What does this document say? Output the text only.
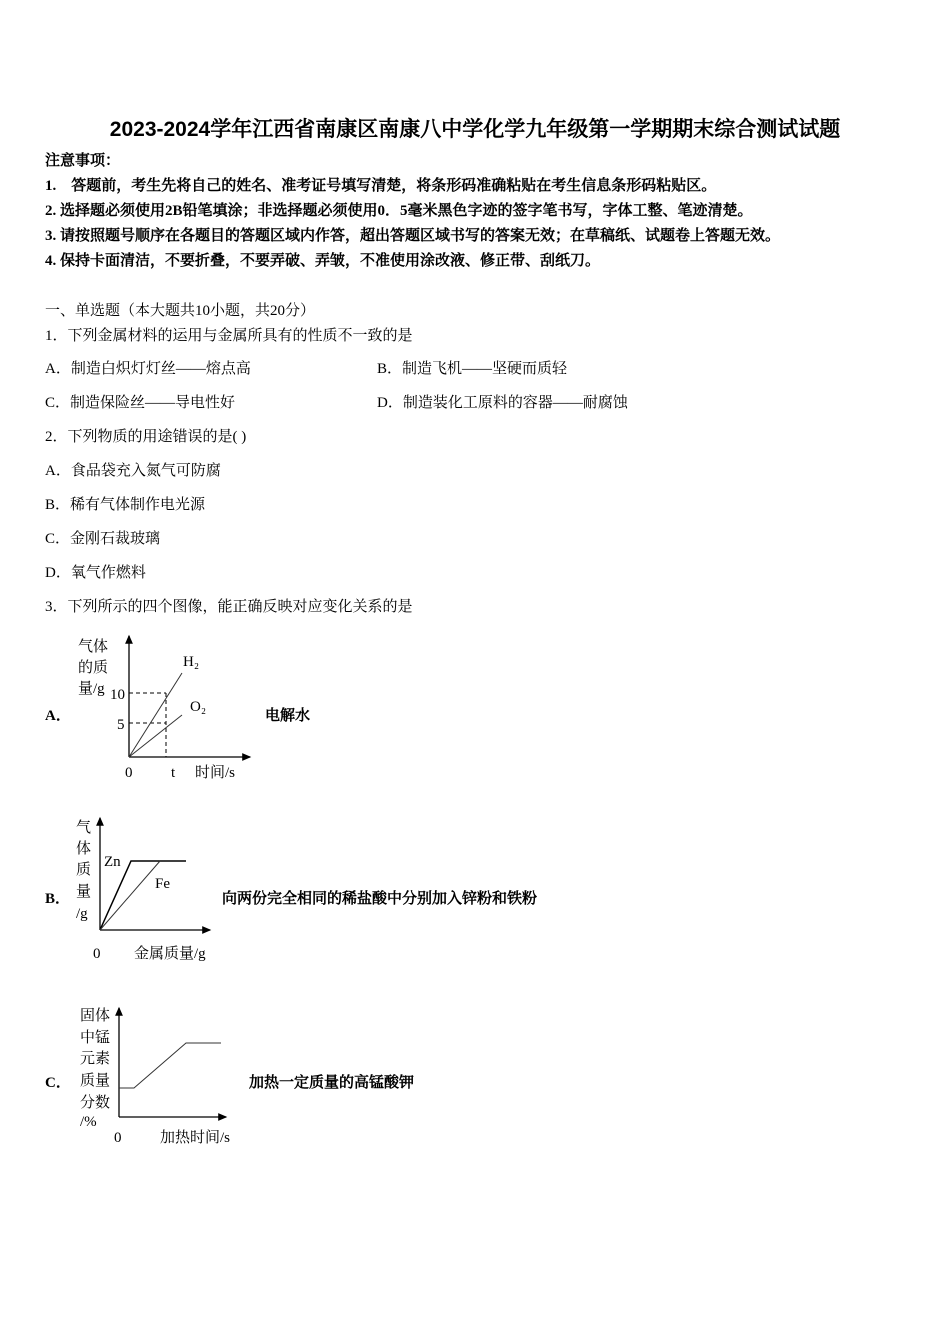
2023-2024学年江西省南康区南康八中学化学九年级第一学期期末综合测试试题
注意事项：
1.　答题前，考生先将自己的姓名、准考证号填写清楚，将条形码准确粘贴在考生信息条形码粘贴区。
2. 选择题必须使用2B铅笔填涂；非选择题必须使用0．5毫米黑色字迹的签字笔书写，字体工整、笔迹清楚。
3. 请按照题号顺序在各题目的答题区域内作答，超出答题区域书写的答案无效；在草稿纸、试题卷上答题无效。
4. 保持卡面清洁，不要折叠，不要弄破、弄皱，不准使用涂改液、修正带、刮纸刀。
一、单选题（本大题共10小题，共20分）
1．下列金属材料的运用与金属所具有的性质不一致的是
A．制造白炽灯灯丝——熔点高	B．制造飞机——坚硬而质轻
C．制造保险丝——导电性好	D．制造装化工原料的容器——耐腐蚀
2．下列物质的用途错误的是( )
A．食品袋充入氮气可防腐
B．稀有气体制作电光源
C．金刚石裁玻璃
D．氧气作燃料
3．下列所示的四个图像，能正确反映对应变化关系的是
A．	电解水
B．	向两份完全相同的稀盐酸中分别加入锌粉和铁粉
C．	加热一定质量的高锰酸钾
气体
的质
量/g 10
5
0	t 时间/s
H₂
O₂
气
体
质
量
/g
Zn
Fe
0 金属质量/g
固体
中锰
元素
质量
分数
/%
0	加热时间/s
